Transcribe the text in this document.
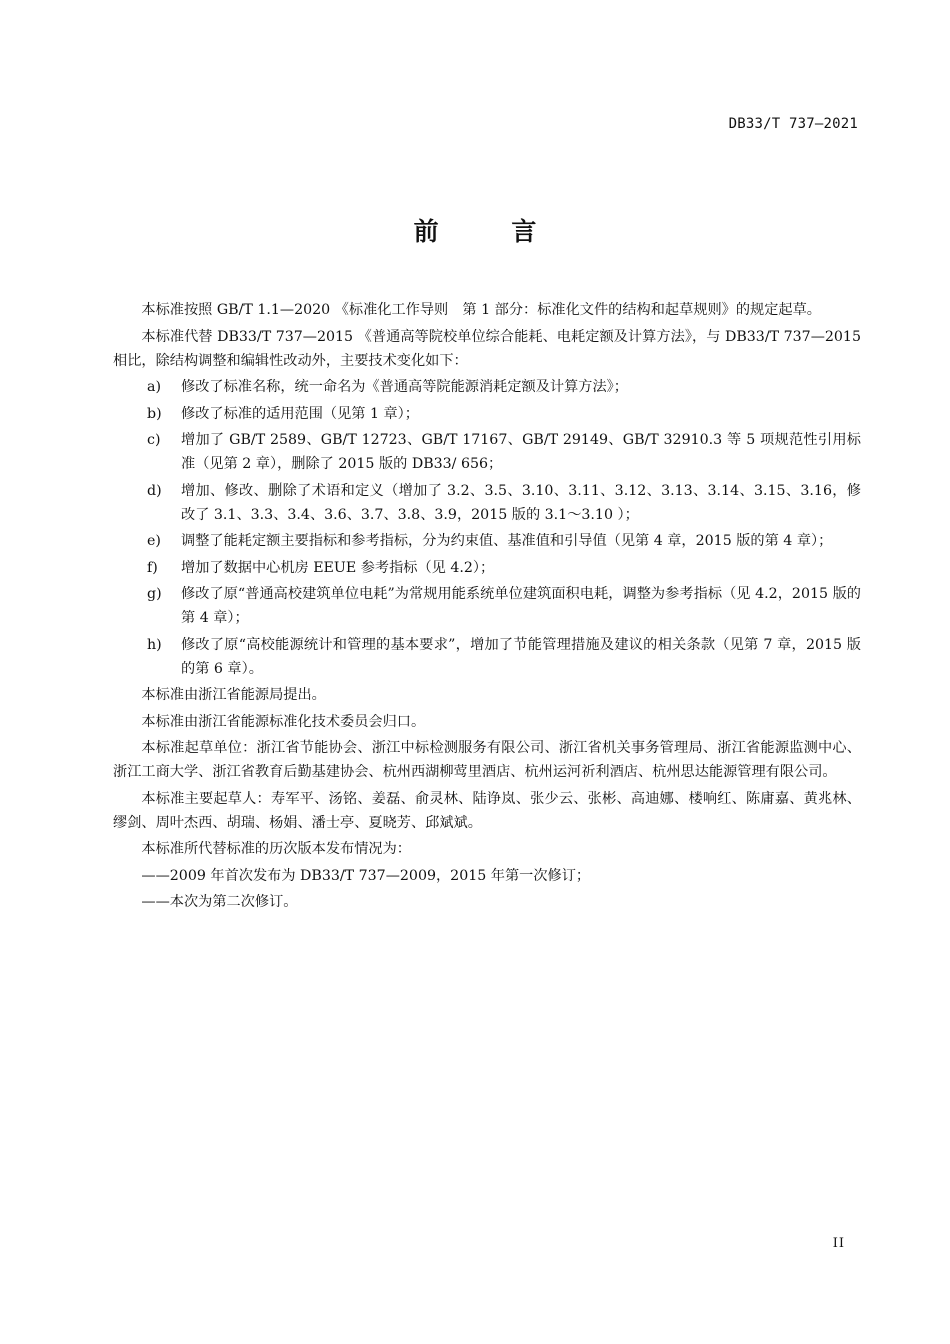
DB33/T 737—2021
前 言

本标准按照 GB/T 1.1—2020 《标准化工作导则　第 1 部分：标准化文件的结构和起草规则》的规定起草。

本标准代替 DB33/T 737—2015 《普通高等院校单位综合能耗、电耗定额及计算方法》，与 DB33/T 737—2015 相比，除结构调整和编辑性改动外，主要技术变化如下：

a)	修改了标准名称，统一命名为《普通高等院能源消耗定额及计算方法》；
b)	修改了标准的适用范围（见第 1 章）；
c)	增加了 GB/T 2589、GB/T 12723、GB/T 17167、GB/T 29149、GB/T 32910.3 等 5 项规范性引用标准（见第 2 章），删除了 2015 版的 DB33/ 656；
d)	增加、修改、删除了术语和定义（增加了 3.2、3.5、3.10、3.11、3.12、3.13、3.14、3.15、3.16，修改了 3.1、3.3、3.4、3.6、3.7、3.8、3.9，2015 版的 3.1～3.10 ）；
e)	调整了能耗定额主要指标和参考指标，分为约束值、基准值和引导值（见第 4 章，2015 版的第 4 章）；
f)	增加了数据中心机房 EEUE 参考指标（见 4.2）；
g)	修改了原“普通高校建筑单位电耗”为常规用能系统单位建筑面积电耗，调整为参考指标（见 4.2，2015 版的第 4 章）；
h)	修改了原“高校能源统计和管理的基本要求”，增加了节能管理措施及建议的相关条款（见第 7 章，2015 版的第 6 章）。

本标准由浙江省能源局提出。

本标准由浙江省能源标准化技术委员会归口。

本标准起草单位：浙江省节能协会、浙江中标检测服务有限公司、浙江省机关事务管理局、浙江省能源监测中心、浙江工商大学、浙江省教育后勤基建协会、杭州西湖柳莺里酒店、杭州运河祈利酒店、杭州思达能源管理有限公司。

本标准主要起草人：寿军平、汤铭、姜磊、俞灵林、陆诤岚、张少云、张彬、高迪娜、楼响红、陈庸嘉、黄兆林、缪剑、周叶杰西、胡瑞、杨娟、潘士亭、夏晓芳、邱斌斌。

本标准所代替标准的历次版本发布情况为：

——2009 年首次发布为 DB33/T 737—2009，2015 年第一次修订；

——本次为第二次修订。

II
